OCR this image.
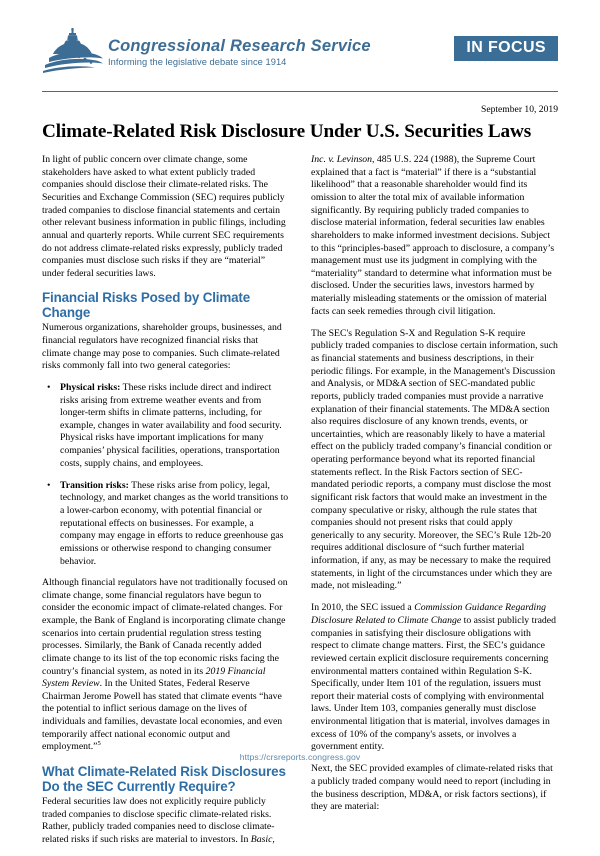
Congressional Research Service
Informing the legislative debate since 1914
IN FOCUS
September 10, 2019
Climate-Related Risk Disclosure Under U.S. Securities Laws

In light of public concern over climate change, some stakeholders have asked to what extent publicly traded companies should disclose their climate-related risks. The Securities and Exchange Commission (SEC) requires publicly traded companies to disclose financial statements and certain other relevant business information in public filings, including annual and quarterly reports. While current SEC requirements do not address climate-related risks expressly, publicly traded companies must disclose such risks if they are “material” under federal securities laws.

Financial Risks Posed by Climate Change

Numerous organizations, shareholder groups, businesses, and financial regulators have recognized financial risks that climate change may pose to companies. Such climate-related risks commonly fall into two general categories:

• Physical risks: These risks include direct and indirect risks arising from extreme weather events and from longer-term shifts in climate patterns, including, for example, changes in water availability and food security. Physical risks have important implications for many companies’ physical facilities, operations, transportation costs, supply chains, and employees.
• Transition risks: These risks arise from policy, legal, technology, and market changes as the world transitions to a lower-carbon economy, with potential financial or reputational effects on businesses. For example, a company may engage in efforts to reduce greenhouse gas emissions or otherwise respond to changing consumer behavior.

Although financial regulators have not traditionally focused on climate change, some financial regulators have begun to consider the economic impact of climate-related changes. For example, the Bank of England is incorporating climate change scenarios into certain prudential regulation stress testing processes. Similarly, the Bank of Canada recently added climate change to its list of the top economic risks facing the country’s financial system, as noted in its 2019 Financial System Review. In the United States, Federal Reserve Chairman Jerome Powell has stated that climate events “have the potential to inflict serious damage on the lives of individuals and families, devastate local economies, and even temporarily affect national economic output and employment.”$^5$

What Climate-Related Risk Disclosures Do the SEC Currently Require?

Federal securities law does not explicitly require publicly traded companies to disclose specific climate-related risks. Rather, publicly traded companies need to disclose climate-related risks if such risks are material to investors. In Basic,

Inc. v. Levinson, 485 U.S. 224 (1988), the Supreme Court explained that a fact is “material” if there is a “substantial likelihood” that a reasonable shareholder would find its omission to alter the total mix of available information significantly. By requiring publicly traded companies to disclose material information, federal securities law enables shareholders to make informed investment decisions. Subject to this “principles-based” approach to disclosure, a company’s management must use its judgment in complying with the “materiality” standard to determine what information must be disclosed. Under the securities laws, investors harmed by materially misleading statements or the omission of material facts can seek remedies through civil litigation.

The SEC's Regulation S-X and Regulation S-K require publicly traded companies to disclose certain information, such as financial statements and business descriptions, in their periodic filings. For example, in the Management's Discussion and Analysis, or MD&A section of SEC-mandated public reports, publicly traded companies must provide a narrative explanation of their financial statements. The MD&A section also requires disclosure of any known trends, events, or uncertainties, which are reasonably likely to have a material effect on the publicly traded company’s financial condition or operating performance beyond what its reported financial statements reflect. In the Risk Factors section of SEC-mandated periodic reports, a company must disclose the most significant risk factors that would make an investment in the company speculative or risky, although the rule states that companies should not present risks that could apply generically to any security. Moreover, the SEC’s Rule 12b-20 requires additional disclosure of “such further material information, if any, as may be necessary to make the required statements, in light of the circumstances under which they are made, not misleading.”

In 2010, the SEC issued a Commission Guidance Regarding Disclosure Related to Climate Change to assist publicly traded companies in satisfying their disclosure obligations with respect to climate change matters. First, the SEC’s guidance reviewed certain explicit disclosure requirements concerning environmental matters contained within Regulation S-K. Specifically, under Item 101 of the regulation, issuers must report their material costs of complying with environmental laws. Under Item 103, companies generally must disclose environmental litigation that is material, involves damages in excess of 10% of the company's assets, or involves a government entity.

Next, the SEC provided examples of climate-related risks that a publicly traded company would need to report (including in the business description, MD&A, or risk factors sections), if they are material:

https://crsreports.congress.gov
